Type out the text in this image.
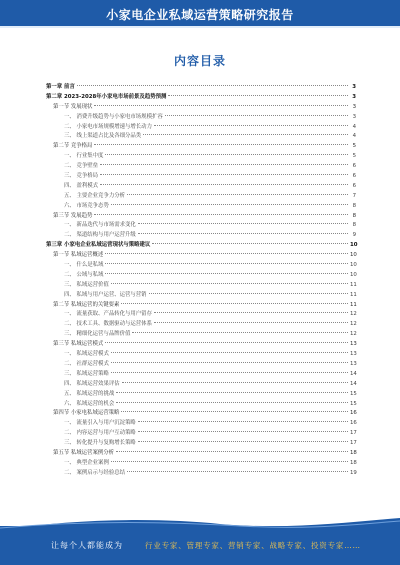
小家电企业私域运营策略研究报告
内容目录
第一章 前言	3
第二章 2023-2028年小家电市场前景及趋势预测	3
第一节 发展现状	3
一、 消费升级趋势与小家电市场规模扩容	3
二、 小家电市场规模增速与增长动力	4
三、 线上渠道占比及各细分品类	4
第二节 竞争格局	5
一、 行业集中度	5
二、 竞争壁垒	6
三、 竞争格局	6
四、 盈利模式	6
五、 主要企业竞争力分析	7
六、 市场竞争态势	8
第三节 发展趋势	8
一、 新品迭代与市场需求变化	8
二、 渠道结构与用户运营升级	9
第三章 小家电企业私域运营现状与策略建议	10
第一节 私域运营概述	10
一、 什么是私域	10
二、 公域与私域	10
三、 私域运营价值	11
四、 私域与用户运营、运营与营销	11
第二节 私域运营的关键要素	11
一、 流量获取、产品转化与用户留存	12
二、 技术工具、数据驱动与运营体系	12
三、 精细化运营与品牌价值	12
第三节 私域运营模式	13
一、 私域运营模式	13
二、 社群运营模式	13
三、 私域运营策略	14
四、 私域运营效果评估	14
五、 私域运营的挑战	15
六、 私域运营的机会	15
第四节 小家电私域运营策略	16
一、 流量引入与用户沉淀策略	16
二、 内容运营与用户互动策略	17
三、 转化提升与复购增长策略	17
第五节 私域运营案例分析	18
一、 典型企业案例	18
二、 案例启示与经验总结	19
让每个人都能成为	行业专家、管理专家、营销专家、战略专家、投资专家……
